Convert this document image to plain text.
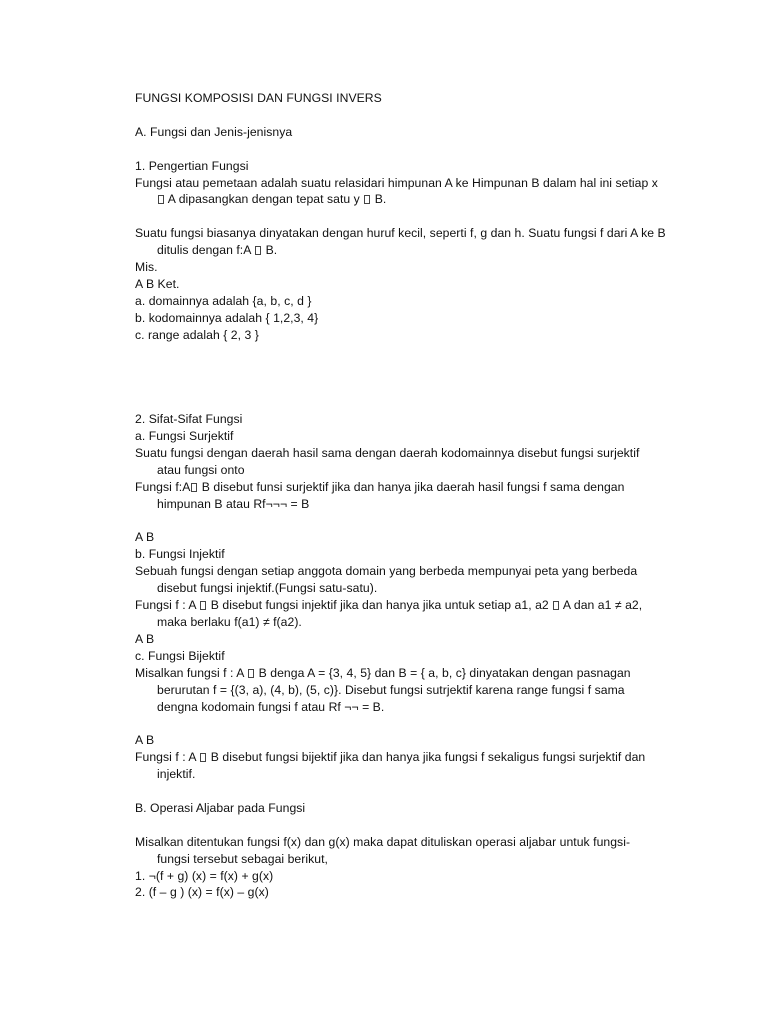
FUNGSI KOMPOSISI DAN FUNGSI INVERS
A. Fungsi dan Jenis-jenisnya
1. Pengertian Fungsi
Fungsi atau pemetaan adalah suatu relasidari himpunan A ke Himpunan B dalam hal ini setiap x
A dipasangkan dengan tepat satu y  B.
Suatu fungsi biasanya dinyatakan dengan huruf kecil, seperti f, g dan h. Suatu fungsi f dari A ke B
ditulis dengan f:A  B.
Mis.
A B Ket.
a. domainnya adalah {a, b, c, d }
b. kodomainnya adalah { 1,2,3, 4}
c. range adalah { 2, 3 }
2. Sifat-Sifat Fungsi
a. Fungsi Surjektif
Suatu fungsi dengan daerah hasil sama dengan daerah kodomainnya disebut fungsi surjektif
atau fungsi onto
Fungsi f:A B disebut funsi surjektif jika dan hanya jika daerah hasil fungsi f sama dengan
himpunan B atau Rf¬¬¬ = B
A B
b. Fungsi Injektif
Sebuah fungsi dengan setiap anggota domain yang berbeda mempunyai peta yang berbeda
disebut fungsi injektif.(Fungsi satu-satu).
Fungsi f : A  B disebut fungsi injektif jika dan hanya jika untuk setiap a1, a2  A dan a1 ≠ a2,
maka berlaku f(a1) ≠ f(a2).
A B
c. Fungsi Bijektif
Misalkan fungsi f : A  B denga A = {3, 4, 5} dan B = { a, b, c} dinyatakan dengan pasnagan
berurutan f = {(3, a), (4, b), (5, c)}. Disebut fungsi sutrjektif karena range fungsi f sama
dengna kodomain fungsi f atau Rf ¬¬ = B.
A B
Fungsi f : A  B disebut fungsi bijektif jika dan hanya jika fungsi f sekaligus fungsi surjektif dan
injektif.
B. Operasi Aljabar pada Fungsi
Misalkan ditentukan fungsi f(x) dan g(x) maka dapat dituliskan operasi aljabar untuk fungsi-
fungsi tersebut sebagai berikut,
1. ¬(f + g) (x) = f(x) + g(x)
2. (f – g ) (x) = f(x) – g(x)
